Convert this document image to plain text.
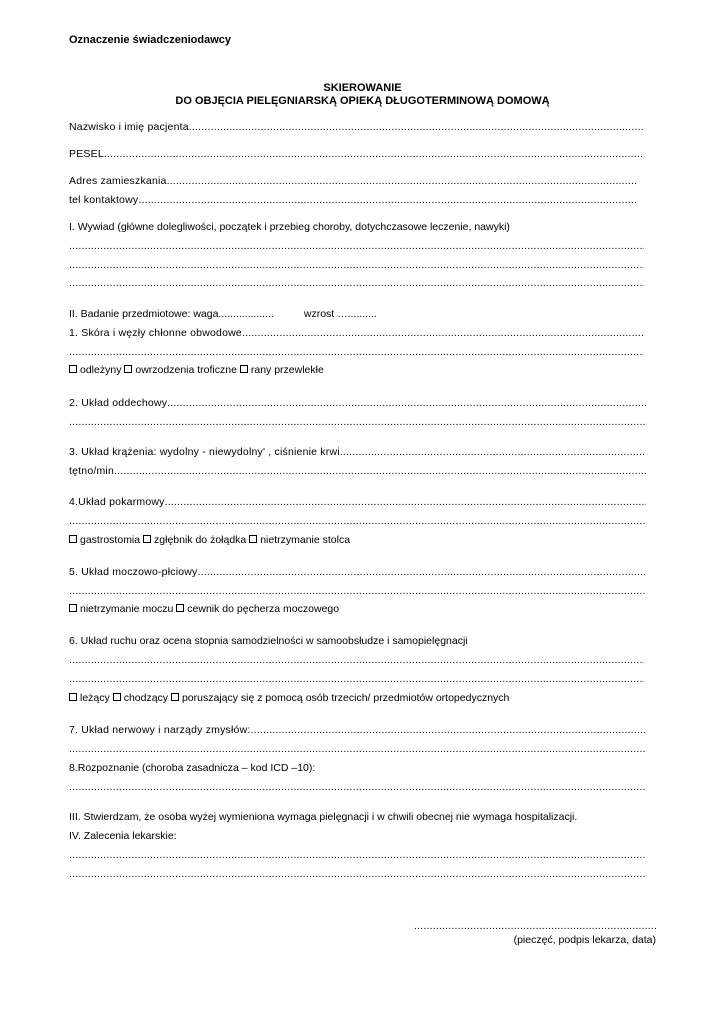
Oznaczenie świadczeniodawcy
SKIEROWANIE
DO OBJĘCIA PIELĘGNIARSKĄ OPIEKĄ DŁUGOTERMINOWĄ DOMOWĄ
Nazwisko i imię pacjenta
.....
PESEL
.....
Adres zamieszkania
.....
tel kontaktowy
.....
I. Wywiad (główne dolegliwości, początek i przebieg choroby, dotychczasowe leczenie, nawyki)
.....
.....
.....
II. Badanie przedmiotowe: waga...................	wzrost …..........
1. Skóra i węzły chłonne obwodowe
.....
.....
odleżyny owrzodzenia troficzne rany przewlekłe
2. Układ oddechowy
.....
.....
3. Układ krążenia: wydolny - niewydolny' , ciśnienie krwi
.....
tętno/min
.....
4.Układ pokarmowy
.....
.....
gastrostomia zgłębnik do żołądka nietrzymanie stolca
5. Układ moczowo-płciowy
.....
.....
nietrzymanie moczu cewnik do pęcherza moczowego
6. Układ ruchu oraz ocena stopnia samodzielności w samoobsłudze i samopielęgnacji
.....
.....
leżący chodzący poruszający się z pomocą osób trzecich/ przedmiotów ortopedycznych
7. Układ nerwowy i narządy zmysłów:
.....
.....
8.Rozpoznanie (choroba zasadnicza – kod ICD –10):
.....
III. Stwierdzam, że osoba wyżej wymieniona wymaga pielęgnacji i w chwili obecnej nie wymaga hospitalizacji.
IV. Zalecenia lekarskie:
.....
.....
.....
(pieczęć, podpis lekarza, data)
